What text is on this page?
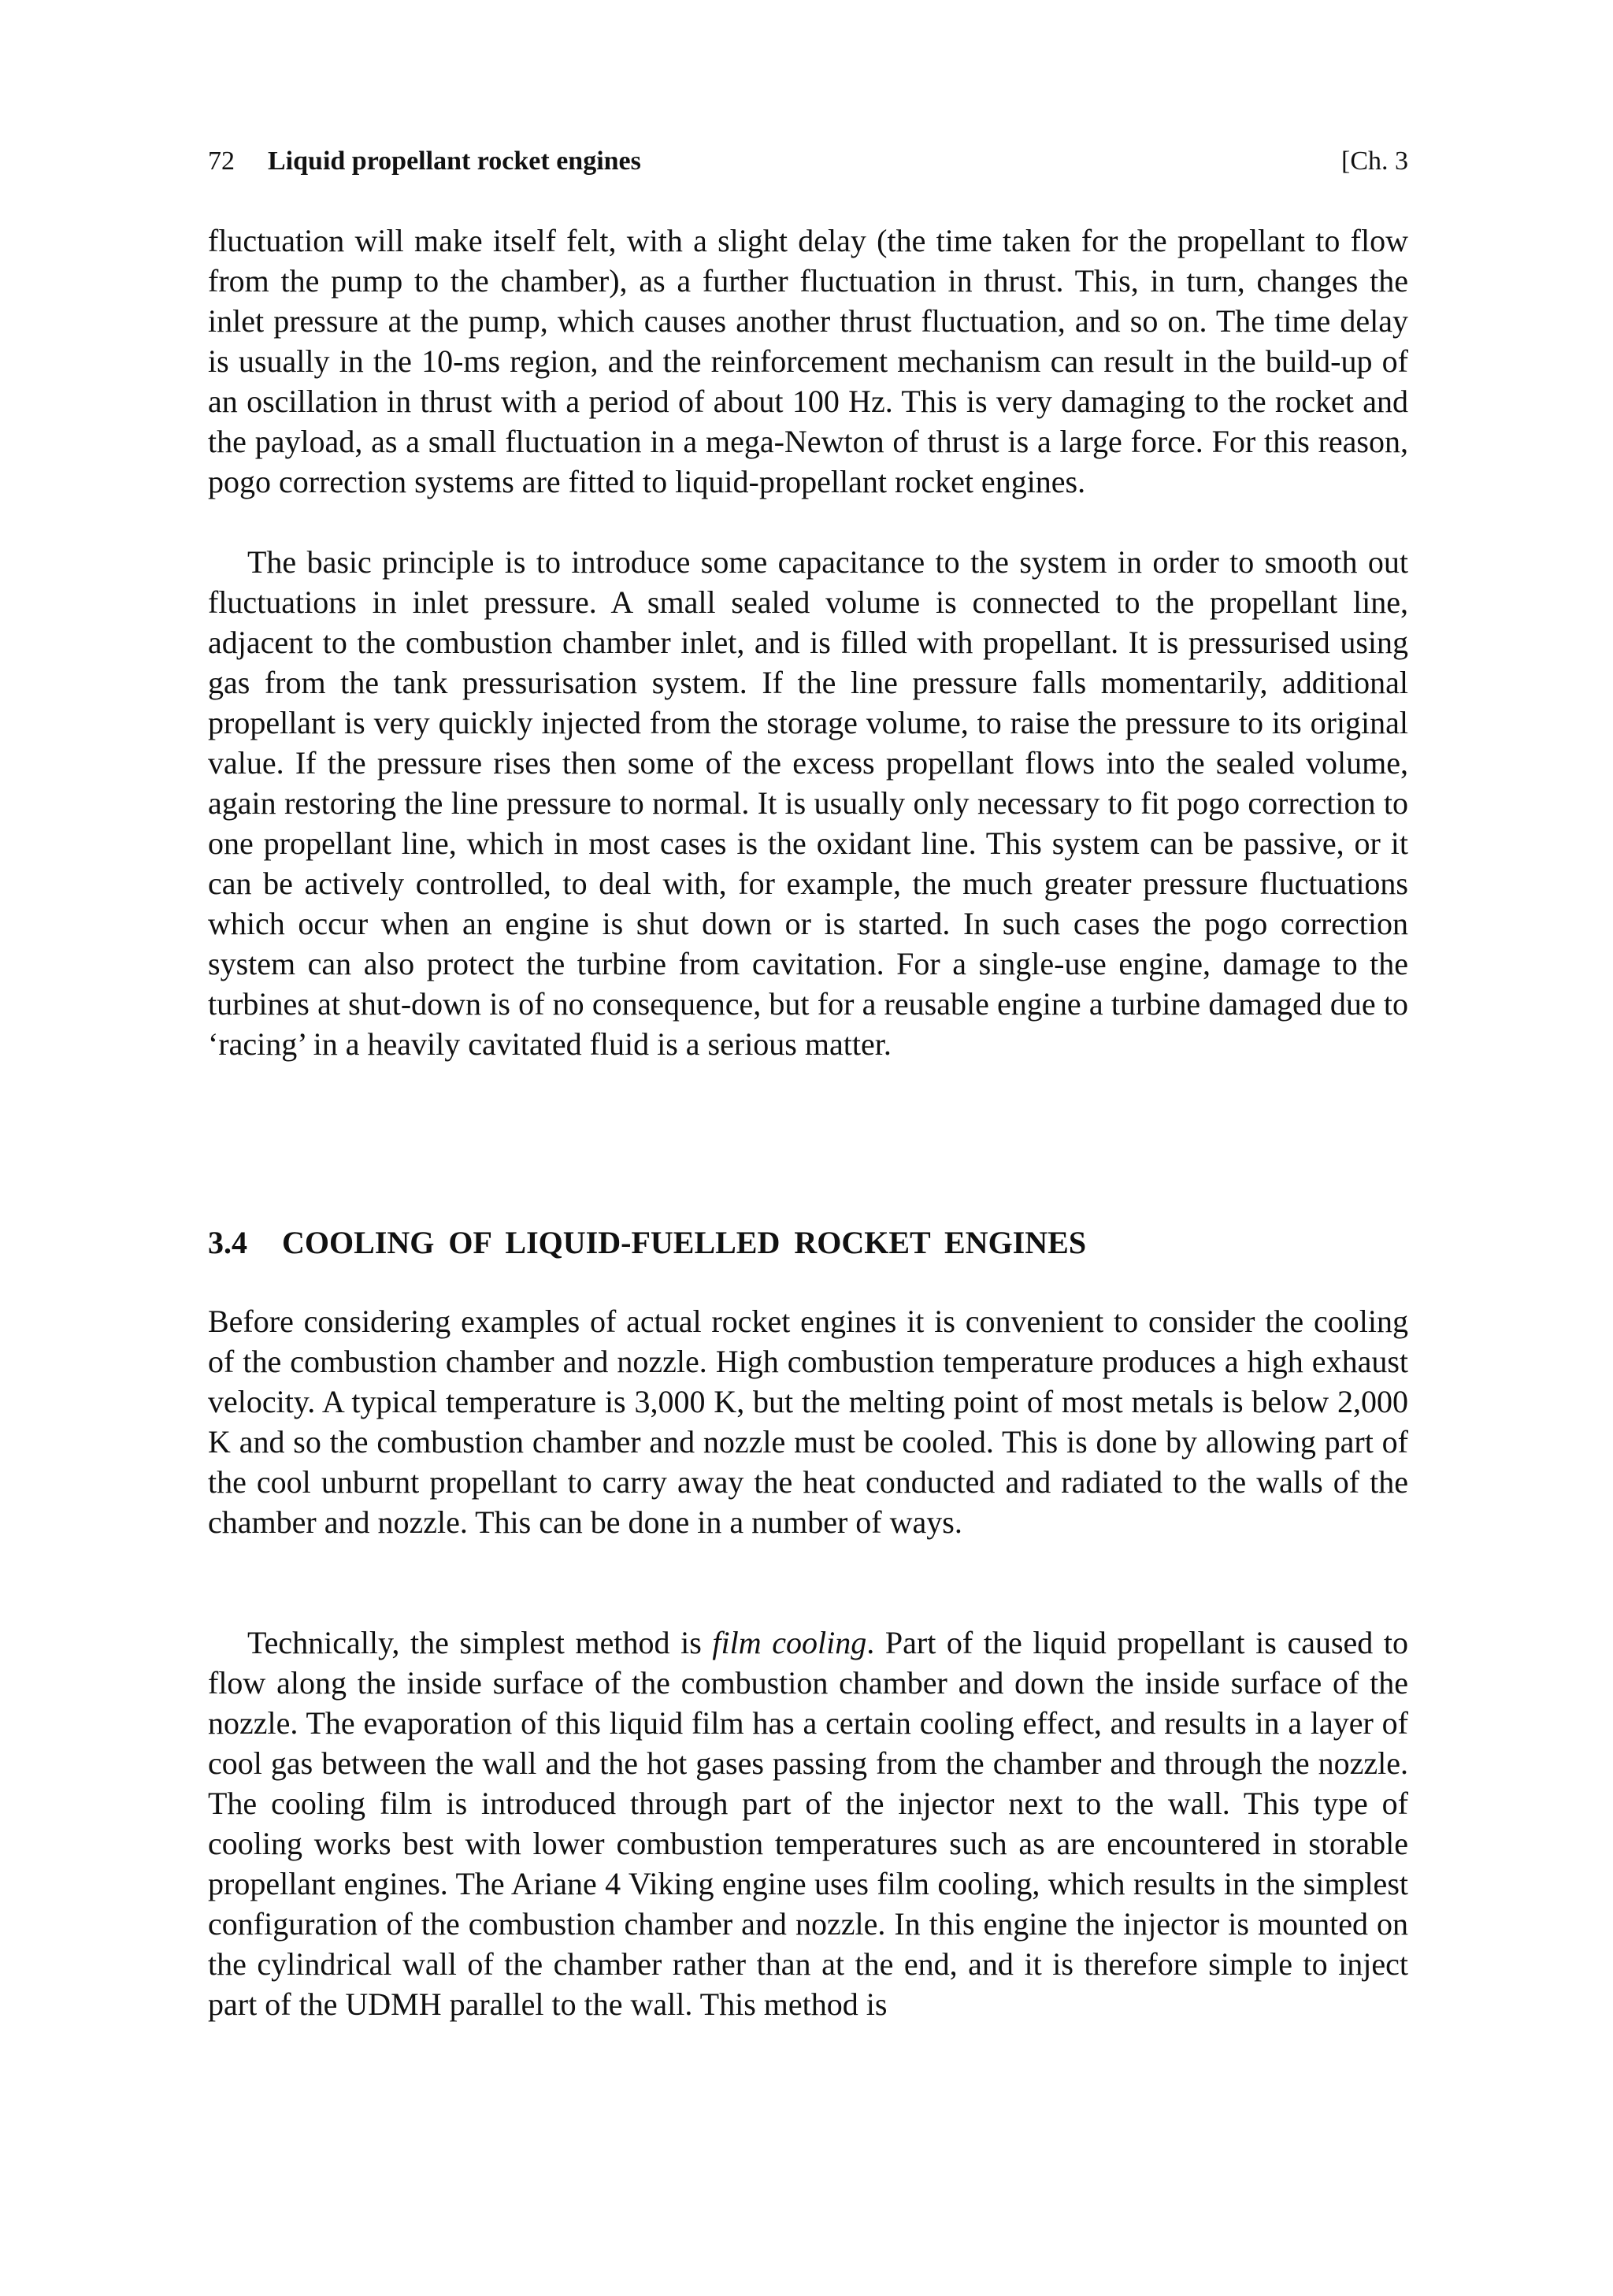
72 Liquid propellant rocket engines	[Ch. 3

fluctuation will make itself felt, with a slight delay (the time taken for the propellant to flow from the pump to the chamber), as a further fluctuation in thrust. This, in turn, changes the inlet pressure at the pump, which causes another thrust fluctuation, and so on. The time delay is usually in the 10-ms region, and the reinforcement mechanism can result in the build-up of an oscillation in thrust with a period of about 100 Hz. This is very damaging to the rocket and the payload, as a small fluctuation in a mega-Newton of thrust is a large force. For this reason, pogo correction systems are fitted to liquid-propellant rocket engines.

The basic principle is to introduce some capacitance to the system in order to smooth out fluctuations in inlet pressure. A small sealed volume is connected to the propellant line, adjacent to the combustion chamber inlet, and is filled with propellant. It is pressurised using gas from the tank pressurisation system. If the line pressure falls momentarily, additional propellant is very quickly injected from the storage volume, to raise the pressure to its original value. If the pressure rises then some of the excess propellant flows into the sealed volume, again restoring the line pressure to normal. It is usually only necessary to fit pogo correction to one propellant line, which in most cases is the oxidant line. This system can be passive, or it can be actively controlled, to deal with, for example, the much greater pressure fluctuations which occur when an engine is shut down or is started. In such cases the pogo correction system can also protect the turbine from cavitation. For a single-use engine, damage to the turbines at shut-down is of no consequence, but for a reusable engine a turbine damaged due to ‘racing’ in a heavily cavitated fluid is a serious matter.

3.4 COOLING OF LIQUID-FUELLED ROCKET ENGINES

Before considering examples of actual rocket engines it is convenient to consider the cooling of the combustion chamber and nozzle. High combustion temperature produces a high exhaust velocity. A typical temperature is 3,000 K, but the melting point of most metals is below 2,000 K and so the combustion chamber and nozzle must be cooled. This is done by allowing part of the cool unburnt propellant to carry away the heat conducted and radiated to the walls of the chamber and nozzle. This can be done in a number of ways.

Technically, the simplest method is film cooling. Part of the liquid propellant is caused to flow along the inside surface of the combustion chamber and down the inside surface of the nozzle. The evaporation of this liquid film has a certain cooling effect, and results in a layer of cool gas between the wall and the hot gases passing from the chamber and through the nozzle. The cooling film is introduced through part of the injector next to the wall. This type of cooling works best with lower combustion temperatures such as are encountered in storable propellant engines. The Ariane 4 Viking engine uses film cooling, which results in the simplest configuration of the combustion chamber and nozzle. In this engine the injector is mounted on the cylindrical wall of the chamber rather than at the end, and it is therefore simple to inject part of the UDMH parallel to the wall. This method is
